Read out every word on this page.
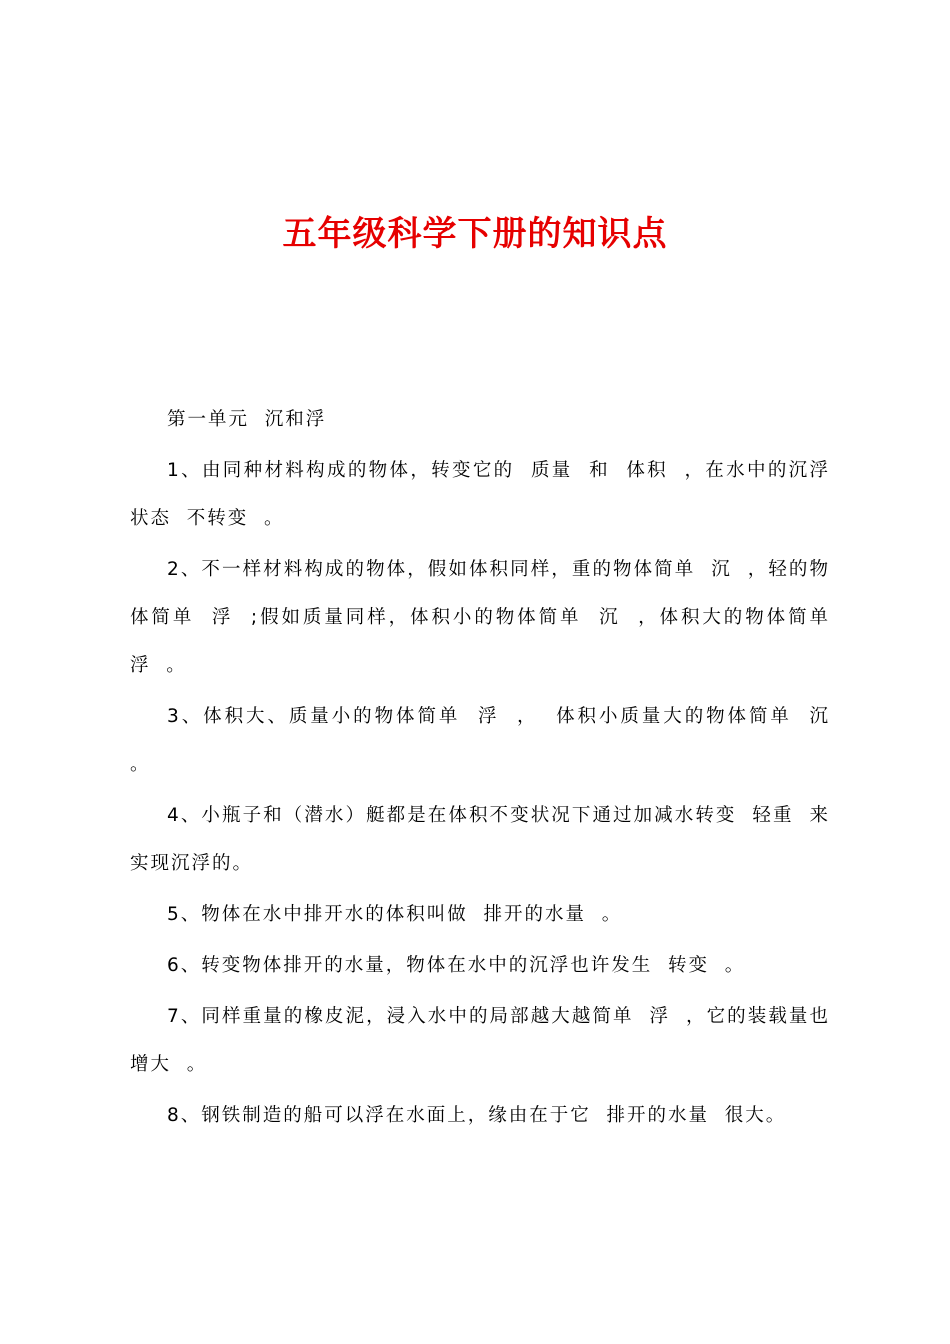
五年级科学下册的知识点

第一单元  沉和浮

1、由同种材料构成的物体，转变它的  质量  和  体积  ，在水中的沉浮状态  不转变  。

2、不一样材料构成的物体，假如体积同样，重的物体简单  沉  ，轻的物体简单  浮  ;假如质量同样，体积小的物体简单  沉  ，体积大的物体简单  浮  。

3、体积大、质量小的物体简单  浮  ，  体积小质量大的物体简单  沉  。

4、小瓶子和（潜水）艇都是在体积不变状况下通过加减水转变  轻重  来实现沉浮的。

5、物体在水中排开水的体积叫做  排开的水量  。

6、转变物体排开的水量，物体在水中的沉浮也许发生  转变  。

7、同样重量的橡皮泥，浸入水中的局部越大越简单  浮  ，它的装载量也  增大  。

8、钢铁制造的船可以浮在水面上，缘由在于它  排开的水量  很大。
